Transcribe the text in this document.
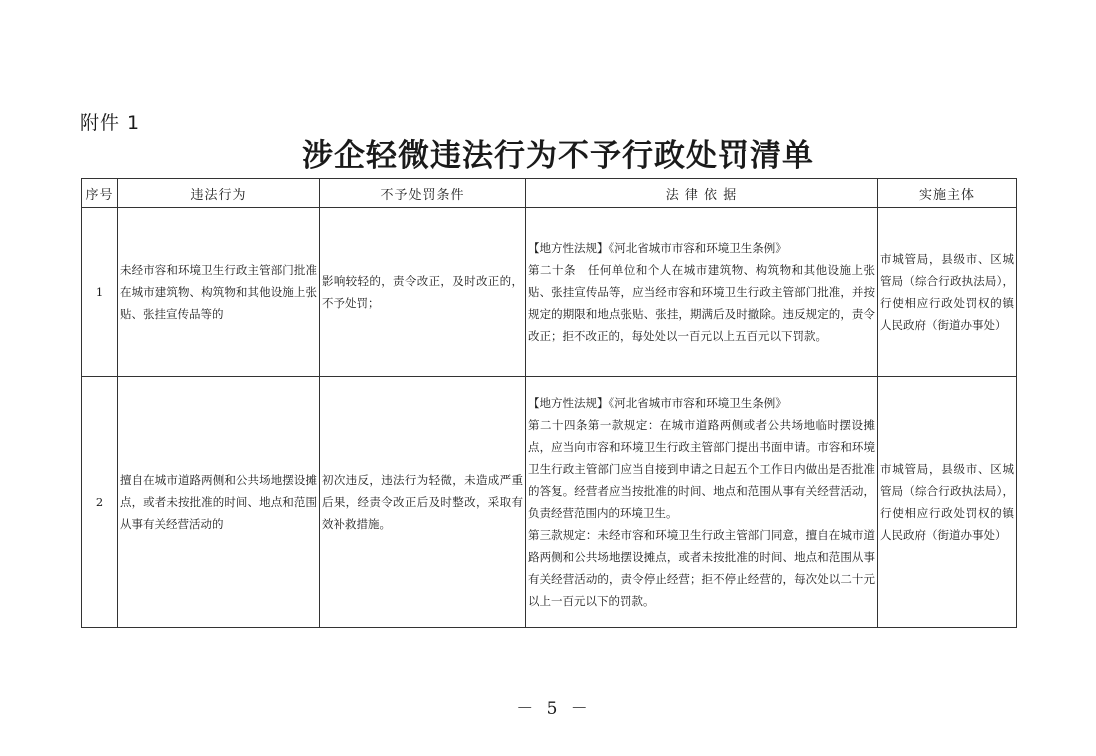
附件 1
涉企轻微违法行为不予行政处罚清单
序号	违法行为	不予处罚条件	法 律 依 据	实施主体
1	未经市容和环境卫生行政主管部门批准在城市建筑物、构筑物和其他设施上张贴、张挂宣传品等的	影响较轻的，责令改正，及时改正的，不予处罚；	【地方性法规】《河北省城市市容和环境卫生条例》
第二十条　任何单位和个人在城市建筑物、构筑物和其他设施上张贴、张挂宣传品等，应当经市容和环境卫生行政主管部门批准，并按规定的期限和地点张贴、张挂，期满后及时撤除。违反规定的，责令改正；拒不改正的，每处处以一百元以上五百元以下罚款。	市城管局，县级市、区城管局（综合行政执法局），行使相应行政处罚权的镇人民政府（街道办事处）
2	擅自在城市道路两侧和公共场地摆设摊点，或者未按批准的时间、地点和范围从事有关经营活动的	初次违反，违法行为轻微，未造成严重后果，经责令改正后及时整改，采取有效补救措施。	【地方性法规】《河北省城市市容和环境卫生条例》
第二十四条第一款规定：在城市道路两侧或者公共场地临时摆设摊点，应当向市容和环境卫生行政主管部门提出书面申请。市容和环境卫生行政主管部门应当自接到申请之日起五个工作日内做出是否批准的答复。经营者应当按批准的时间、地点和范围从事有关经营活动，负责经营范围内的环境卫生。
第三款规定：未经市容和环境卫生行政主管部门同意，擅自在城市道路两侧和公共场地摆设摊点，或者未按批准的时间、地点和范围从事有关经营活动的，责令停止经营；拒不停止经营的，每次处以二十元以上一百元以下的罚款。	市城管局，县级市、区城管局（综合行政执法局），行使相应行政处罚权的镇人民政府（街道办事处）
－ 5 －
